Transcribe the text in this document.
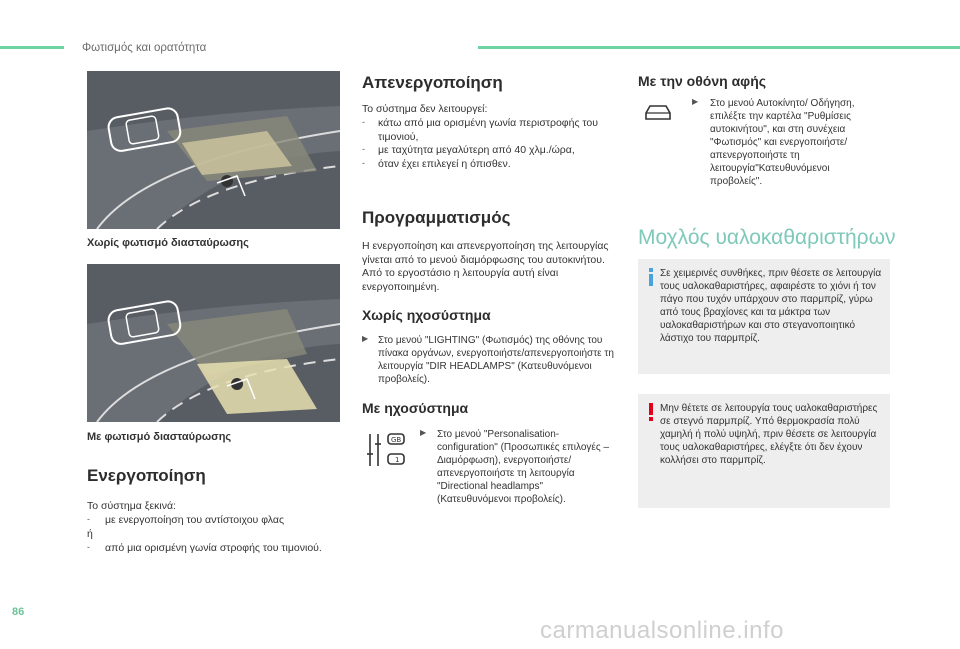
Φωτισμός και ορατότητα
Χωρίς φωτισμό διασταύρωσης
Με φωτισμό διασταύρωσης
Ενεργοποίηση
Το σύστημα ξεκινά:
- με ενεργοποίηση του αντίστοιχου φλας
ή
- από μια ορισμένη γωνία στροφής του τιμονιού.
Απενεργοποίηση
Το σύστημα δεν λειτουργεί:
- κάτω από μια ορισμένη γωνία περιστροφής του τιμονιού,
- με ταχύτητα μεγαλύτερη από 40 χλμ./ώρα,
- όταν έχει επιλεγεί η όπισθεν.
Προγραμματισμός
Η ενεργοποίηση και απενεργοποίηση της λειτουργίας γίνεται από το μενού διαμόρφωσης του αυτοκινήτου. Από το εργοστάσιο η λειτουργία αυτή είναι ενεργοποιημένη.
Χωρίς ηχοσύστημα
▶ Στο μενού "LIGHTING" (Φωτισμός) της οθόνης του πίνακα οργάνων, ενεργοποιήστε/απενεργοποιήστε τη λειτουργία "DIR HEADLAMPS" (Κατευθυνόμενοι προβολείς).
Με ηχοσύστημα
GB
1
▶ Στο μενού "Personalisation-configuration" (Προσωπικές επιλογές – Διαμόρφωση), ενεργοποιήστε/απενεργοποιήστε τη λειτουργία "Directional headlamps" (Κατευθυνόμενοι προβολείς).
Με την οθόνη αφής
▶ Στο μενού Αυτοκίνητο/ Οδήγηση, επιλέξτε την καρτέλα "Ρυθμίσεις αυτοκινήτου", και στη συνέχεια "Φωτισμός" και ενεργοποιήστε/απενεργοποιήστε τη λειτουργία"Κατευθυνόμενοι προβολείς".
Μοχλός υαλοκαθαριστήρων
Σε χειμερινές συνθήκες, πριν θέσετε σε λειτουργία τους υαλοκαθαριστήρες, αφαιρέστε το χιόνι ή τον πάγο που τυχόν υπάρχουν στο παρμπρίζ, γύρω από τους βραχίονες και τα μάκτρα των υαλοκαθαριστήρων και στο στεγανοποιητικό λάστιχο του παρμπρίζ.
Μην θέτετε σε λειτουργία τους υαλοκαθαριστήρες σε στεγνό παρμπρίζ. Υπό θερμοκρασία πολύ χαμηλή ή πολύ υψηλή, πριν θέσετε σε λειτουργία τους υαλοκαθαριστήρες, ελέγξτε ότι δεν έχουν κολλήσει στο παρμπρίζ.
86
carmanualsonline.info
